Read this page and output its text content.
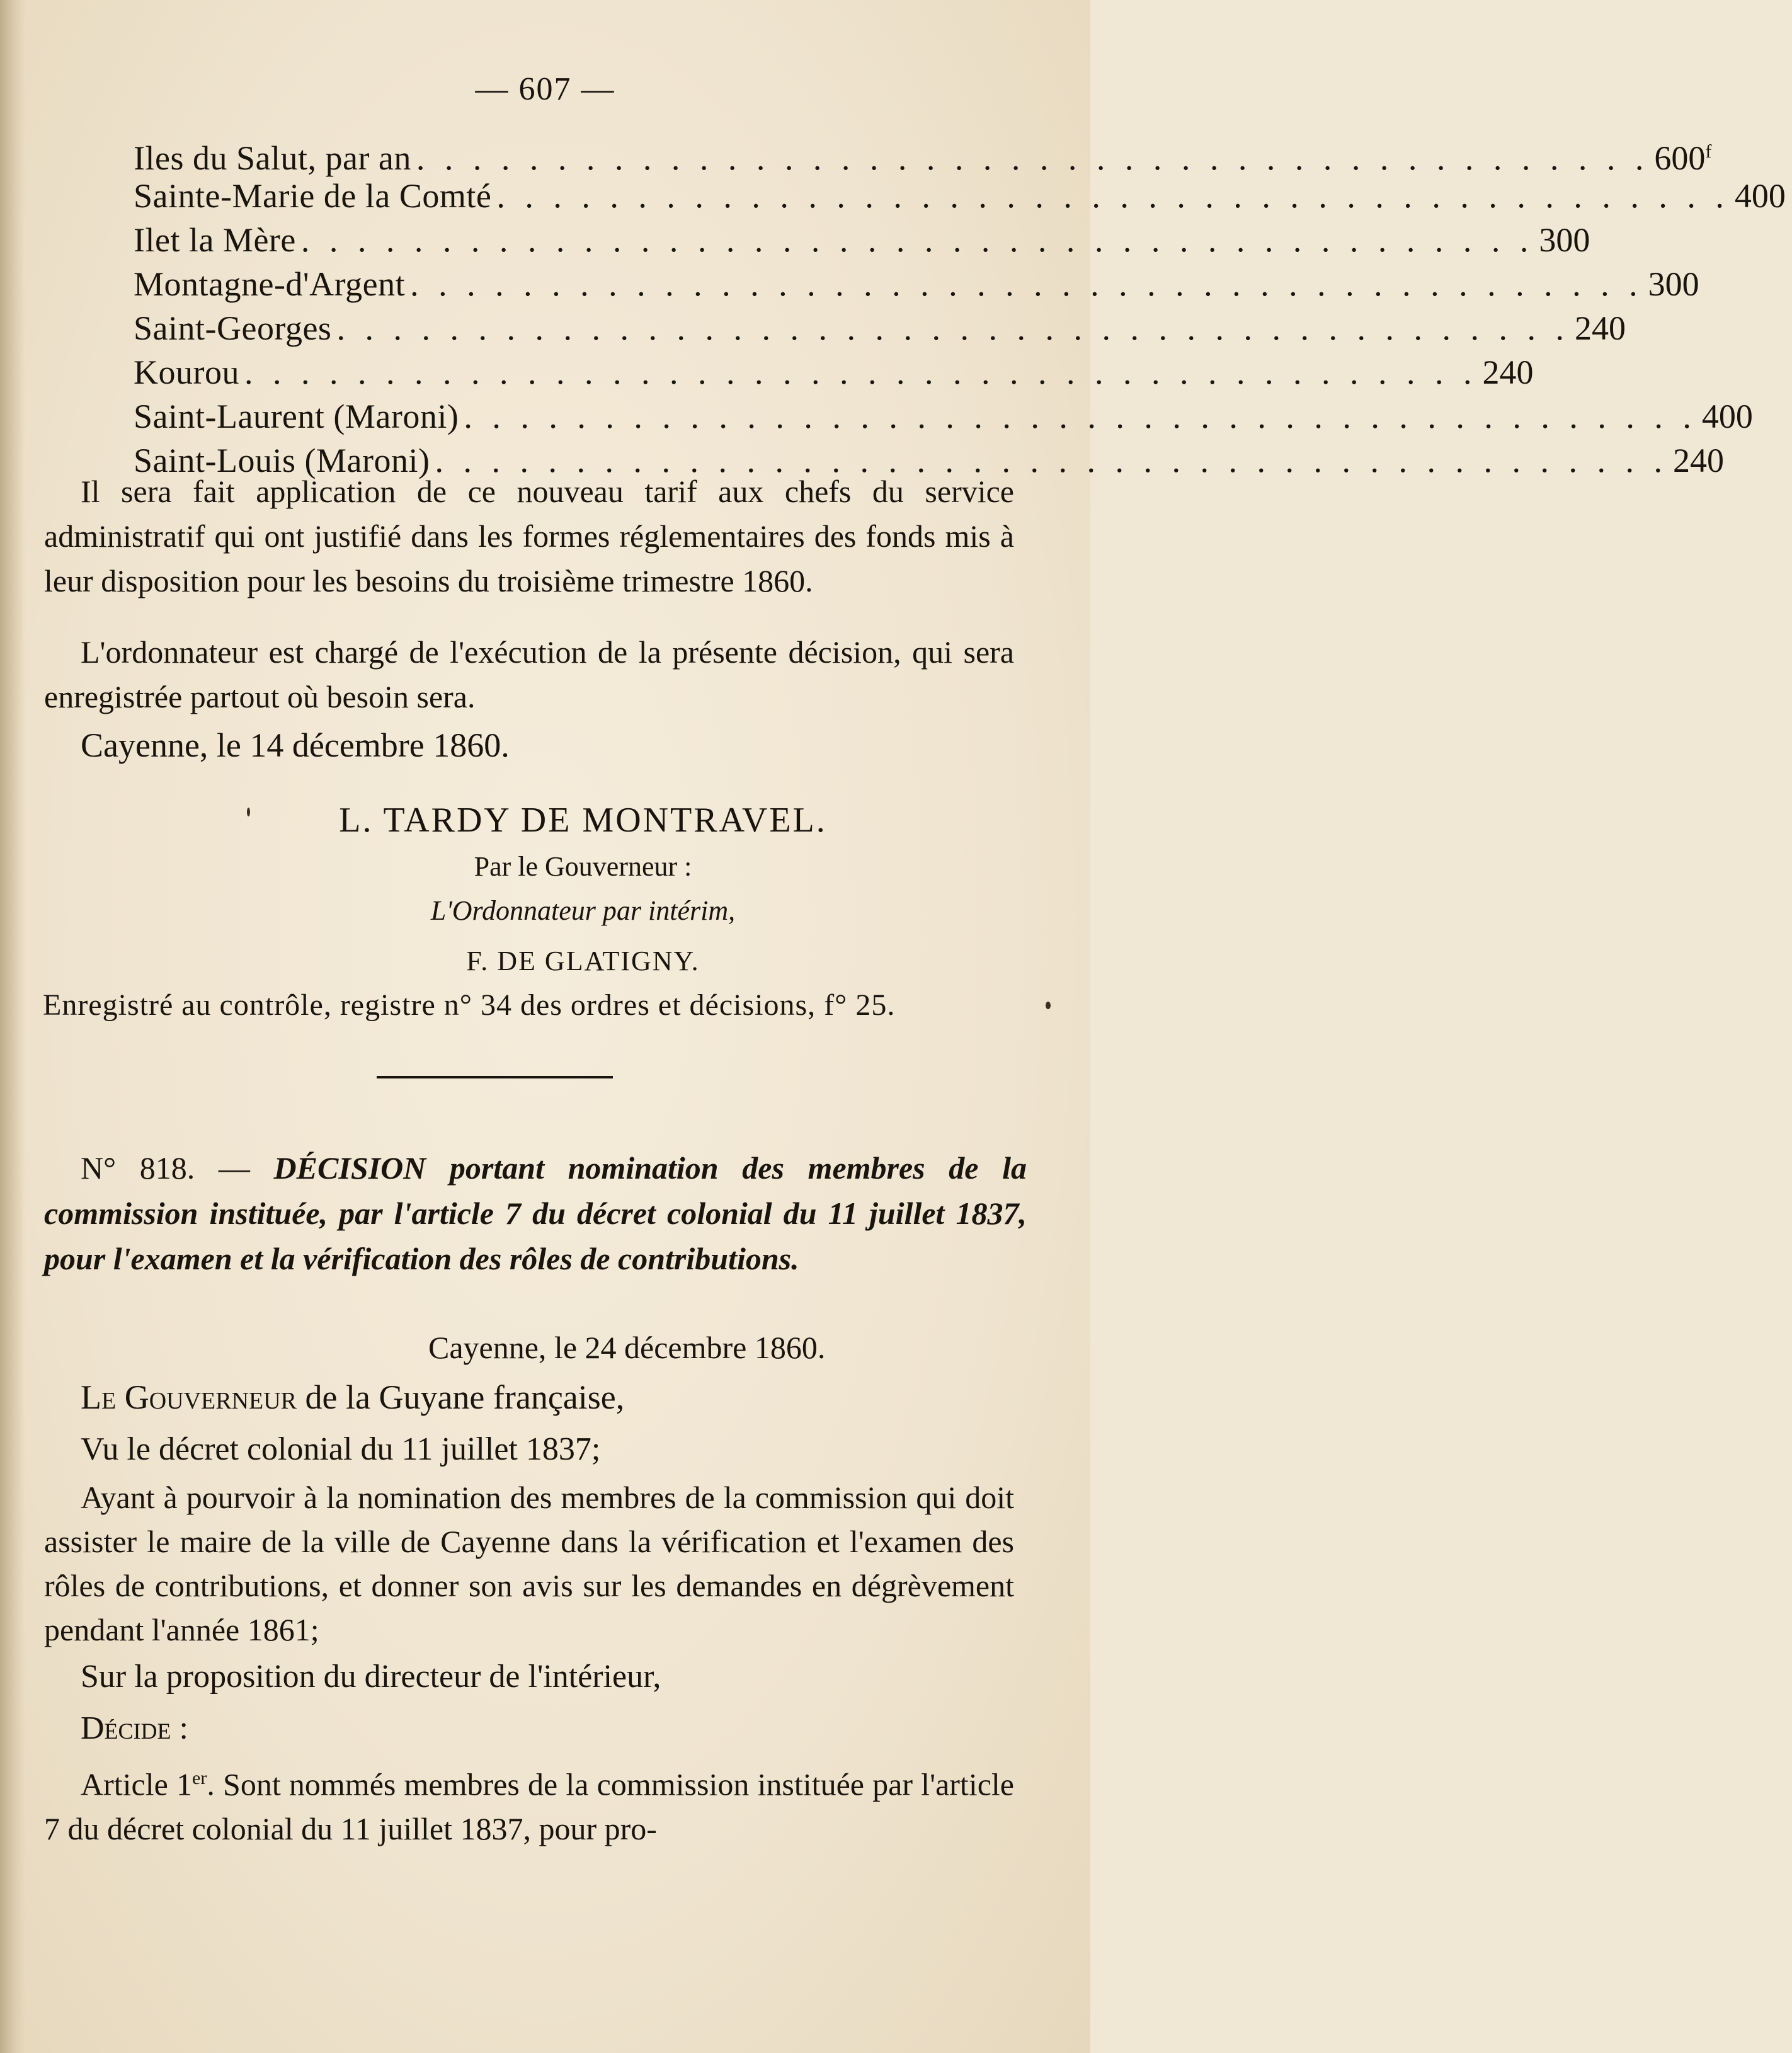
— 607 —
Iles du Salut, par an . . . . . . . . . . . . . . . . . . . . . . . . . . . . . . . . . . . . . . . . . . . . 600$^f$
Sainte-Marie de la Comté . . . . . . . . . . . . . . . . . . . . . . . . . . . . . . . . . . . . . . . . . . . . 400
Ilet la Mère . . . . . . . . . . . . . . . . . . . . . . . . . . . . . . . . . . . . . . . . . . . . 300
Montagne-d'Argent . . . . . . . . . . . . . . . . . . . . . . . . . . . . . . . . . . . . . . . . . . . . 300
Saint-Georges . . . . . . . . . . . . . . . . . . . . . . . . . . . . . . . . . . . . . . . . . . . . 240
Kourou . . . . . . . . . . . . . . . . . . . . . . . . . . . . . . . . . . . . . . . . . . . . 240
Saint-Laurent (Maroni) . . . . . . . . . . . . . . . . . . . . . . . . . . . . . . . . . . . . . . . . . . . . 400
Saint-Louis (Maroni) . . . . . . . . . . . . . . . . . . . . . . . . . . . . . . . . . . . . . . . . . . . . 240
Il sera fait application de ce nouveau tarif aux chefs du service administratif qui ont justifié dans les formes réglementaires des fonds mis à leur disposition pour les besoins du troisième trimestre 1860.
L'ordonnateur est chargé de l'exécution de la présente décision, qui sera enregistrée partout où besoin sera.
Cayenne, le 14 décembre 1860.
L. TARDY DE MONTRAVEL.
Par le Gouverneur :
L'Ordonnateur par intérim,
F. DE GLATIGNY.
Enregistré au contrôle, registre n° 34 des ordres et décisions, f° 25.
N° 818. — DÉCISION portant nomination des membres de la commission instituée, par l'article 7 du décret colonial du 11 juillet 1837, pour l'examen et la vérification des rôles de contributions.
Cayenne, le 24 décembre 1860.
Le Gouverneur de la Guyane française,
Vu le décret colonial du 11 juillet 1837;
Ayant à pourvoir à la nomination des membres de la commission qui doit assister le maire de la ville de Cayenne dans la vérification et l'examen des rôles de contributions, et donner son avis sur les demandes en dégrèvement pendant l'année 1861;
Sur la proposition du directeur de l'intérieur,
Décide :
Article 1er. Sont nommés membres de la commission instituée par l'article 7 du décret colonial du 11 juillet 1837, pour pro-
